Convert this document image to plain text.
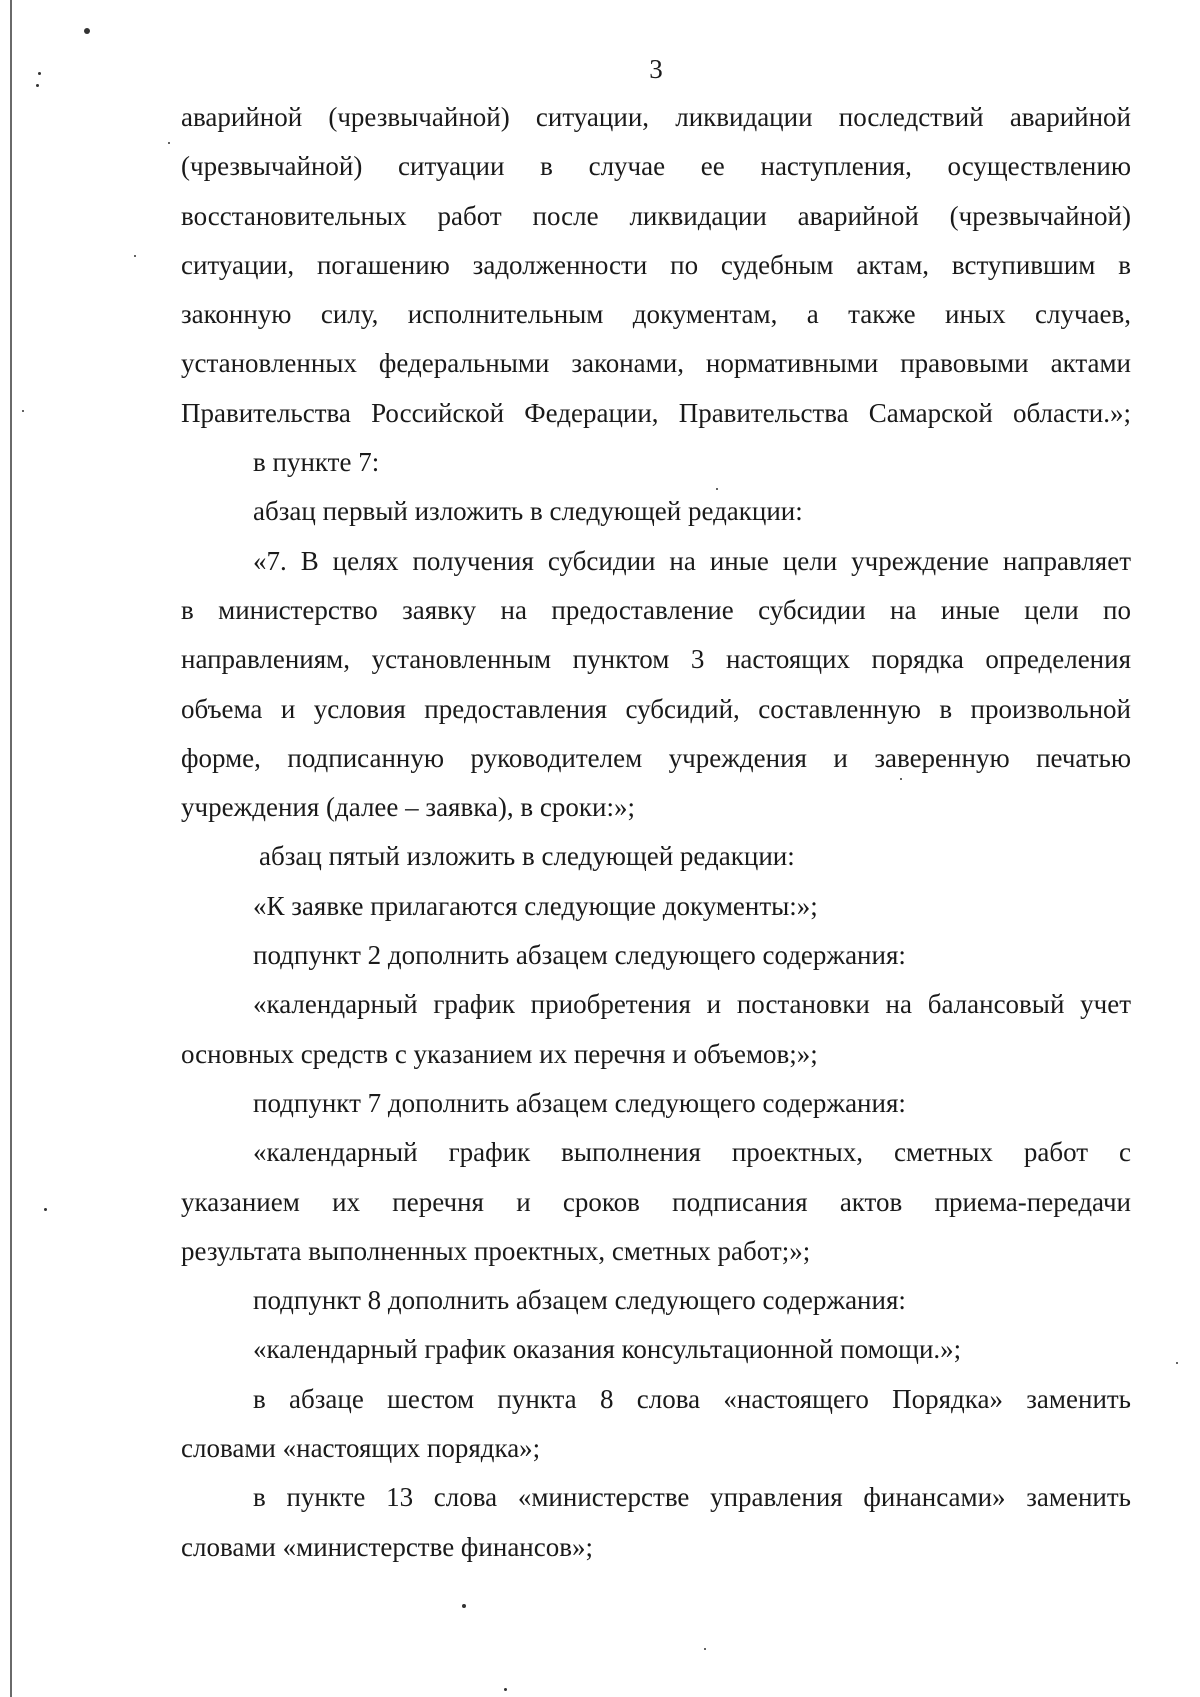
3
аварийной (чрезвычайной) ситуации, ликвидации последствий аварийной
(чрезвычайной) ситуации в случае ее наступления, осуществлению
восстановительных работ после ликвидации аварийной (чрезвычайной)
ситуации, погашению задолженности по судебным актам, вступившим в
законную силу, исполнительным документам, а также иных случаев,
установленных федеральными законами, нормативными правовыми актами
Правительства Российской Федерации, Правительства Самарской области.»;
в пункте 7:
абзац первый изложить в следующей редакции:
«7. В целях получения субсидии на иные цели учреждение направляет
в министерство заявку на предоставление субсидии на иные цели по
направлениям, установленным пунктом 3 настоящих порядка определения
объема и условия предоставления субсидий, составленную в произвольной
форме, подписанную руководителем учреждения и заверенную печатью
учреждения (далее – заявка), в сроки:»;
абзац пятый изложить в следующей редакции:
«К заявке прилагаются следующие документы:»;
подпункт 2 дополнить абзацем следующего содержания:
«календарный график приобретения и постановки на балансовый учет
основных средств с указанием их перечня и объемов;»;
подпункт 7 дополнить абзацем следующего содержания:
«календарный график выполнения проектных, сметных работ с
указанием их перечня и сроков подписания актов приема-передачи
результата выполненных проектных, сметных работ;»;
подпункт 8 дополнить абзацем следующего содержания:
«календарный график оказания консультационной помощи.»;
в абзаце шестом пункта 8 слова «настоящего Порядка» заменить
словами «настоящих порядка»;
в пункте 13 слова «министерстве управления финансами» заменить
словами «министерстве финансов»;
